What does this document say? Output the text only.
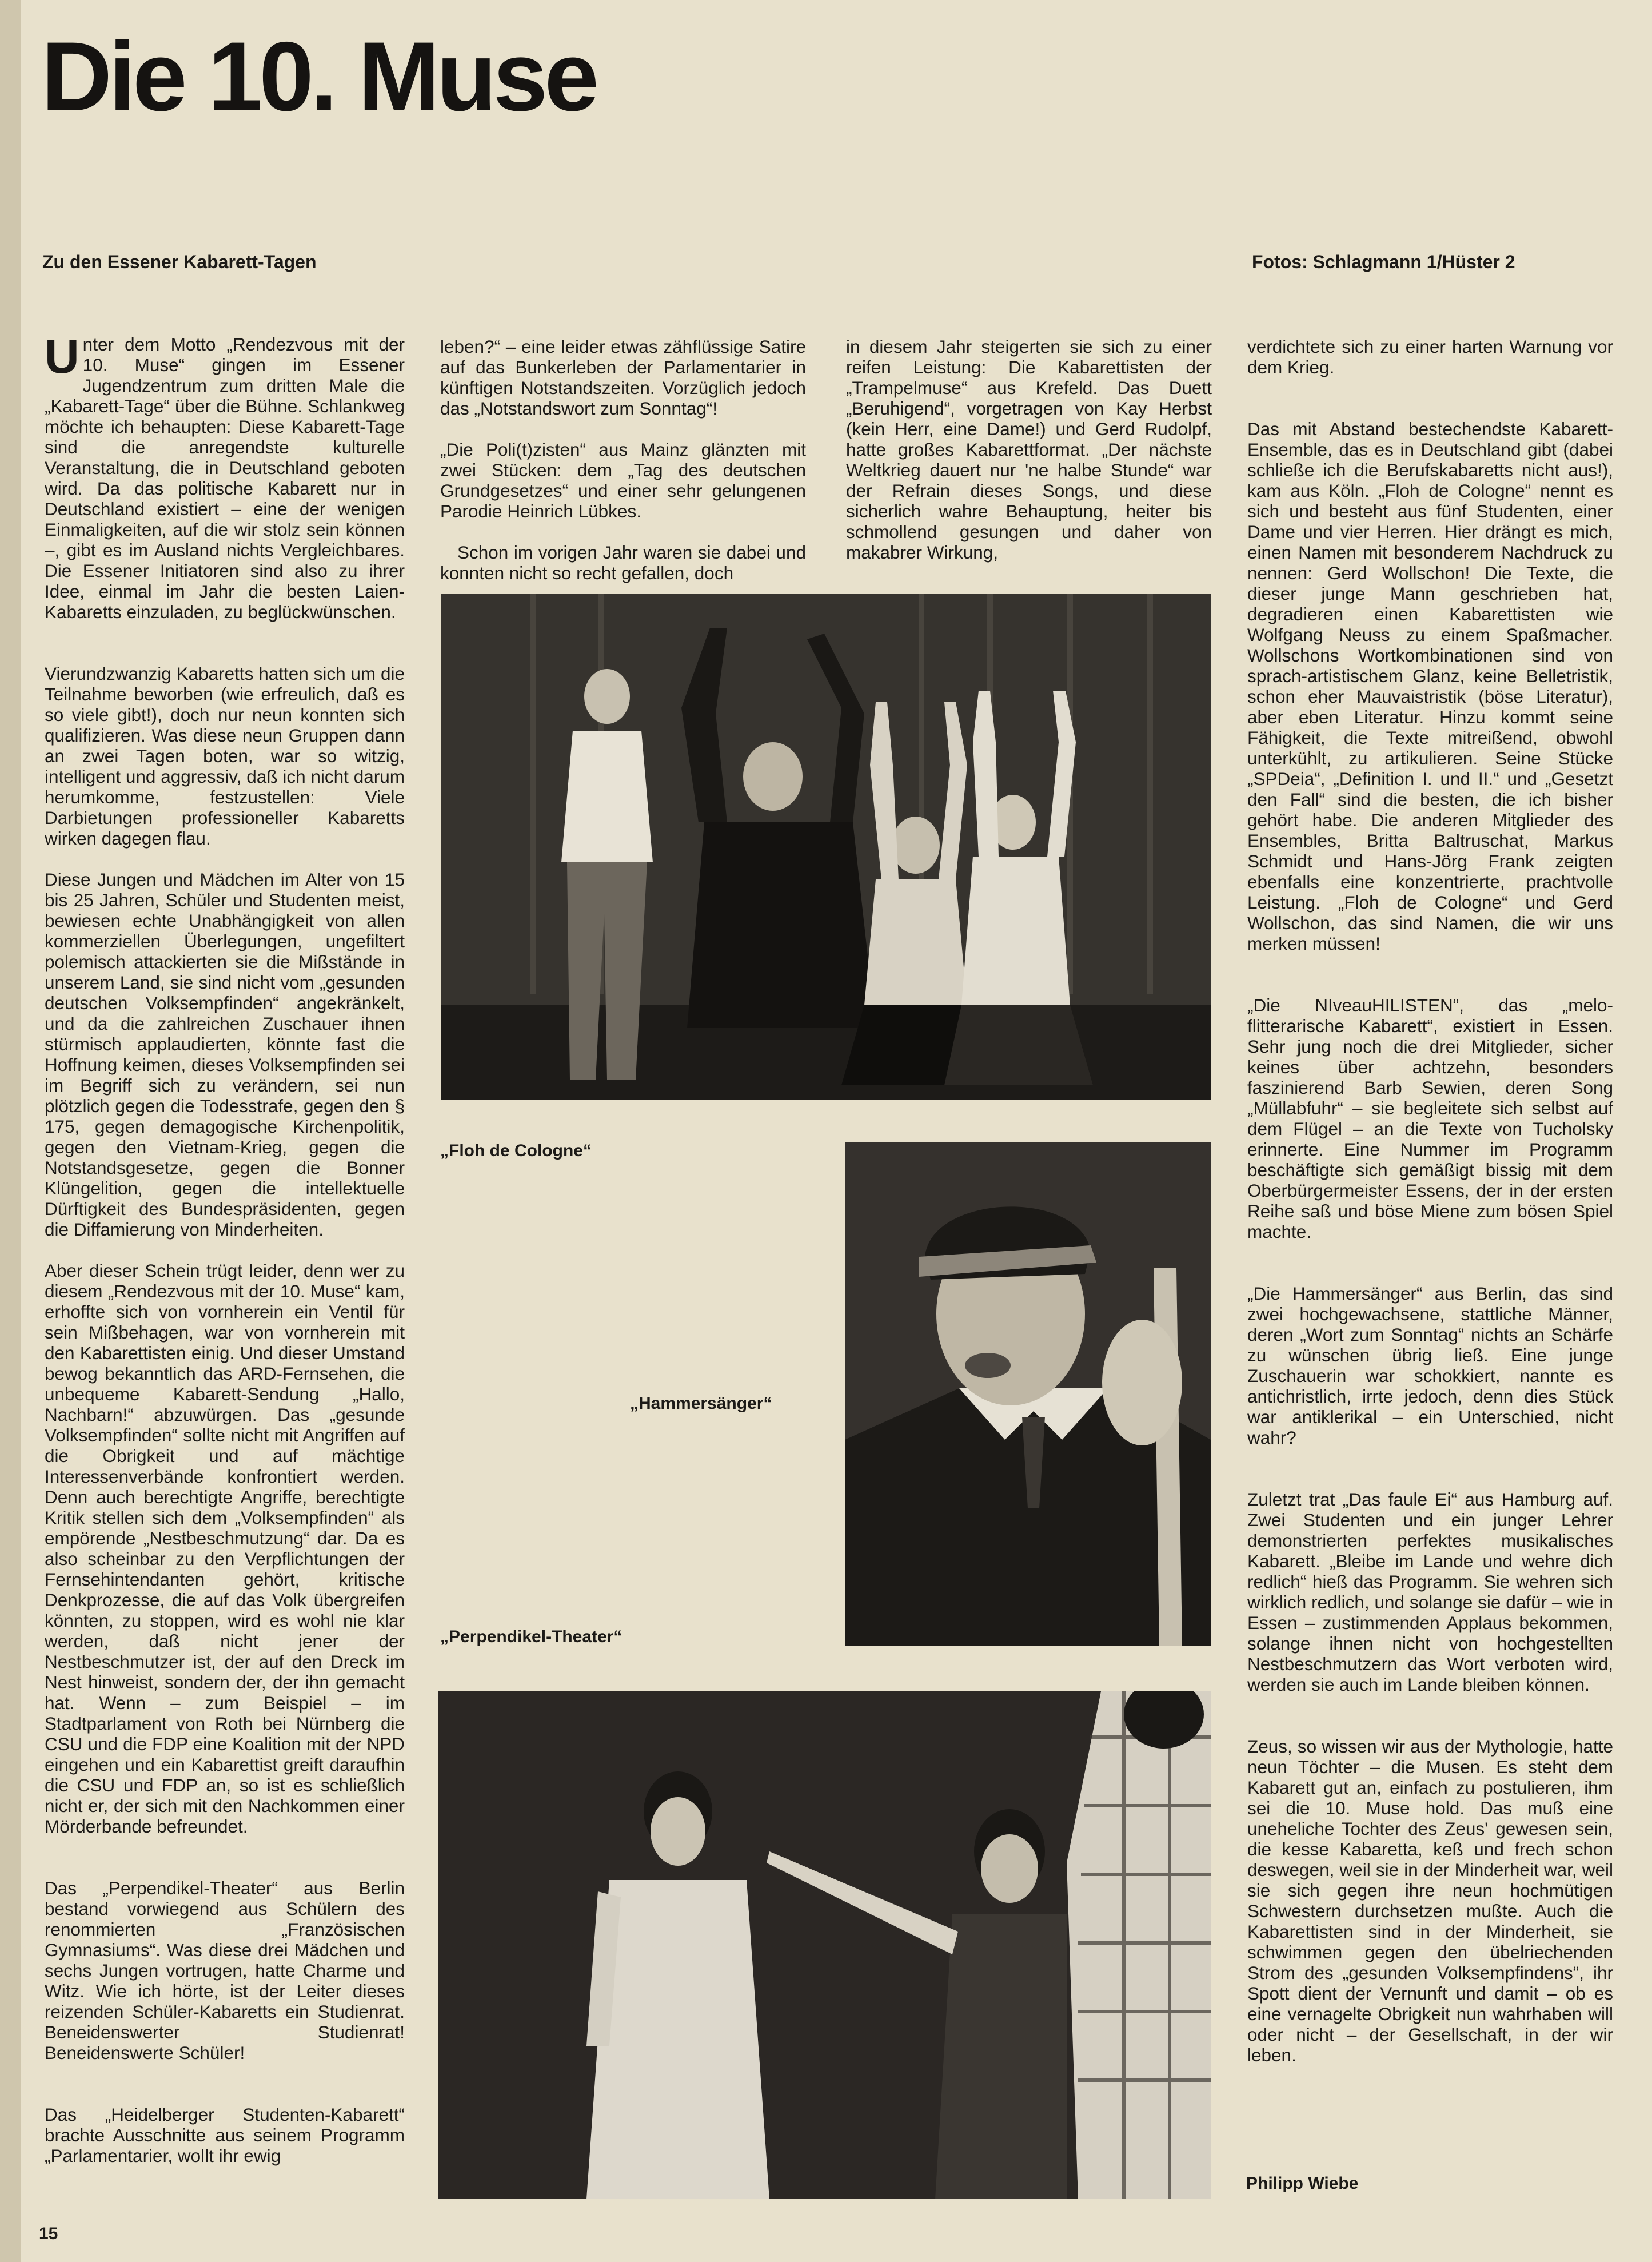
Die 10. Muse
Zu den Essener Kabarett-Tagen	Fotos: Schlagmann 1/Hüster 2

Unter dem Motto „Rendezvous mit der 10. Muse“ gingen im Essener Jugendzentrum zum dritten Male die „Kabarett-Tage“ über die Bühne. Schlankweg möchte ich behaupten: Diese Kabarett-Tage sind die anregendste kulturelle Veranstaltung, die in Deutschland geboten wird. Da das politische Kabarett nur in Deutschland existiert – eine der wenigen Einmaligkeiten, auf die wir stolz sein können –, gibt es im Ausland nichts Vergleichbares. Die Essener Initiatoren sind also zu ihrer Idee, einmal im Jahr die besten Laien-Kabaretts einzuladen, zu beglückwünschen.

Vierundzwanzig Kabaretts hatten sich um die Teilnahme beworben (wie erfreulich, daß es so viele gibt!), doch nur neun konnten sich qualifizieren. Was diese neun Gruppen dann an zwei Tagen boten, war so witzig, intelligent und aggressiv, daß ich nicht darum herumkomme, festzustellen: Viele Darbietungen professioneller Kabaretts wirken dagegen flau.

Diese Jungen und Mädchen im Alter von 15 bis 25 Jahren, Schüler und Studenten meist, bewiesen echte Unabhängigkeit von allen kommerziellen Überlegungen, ungefiltert polemisch attackierten sie die Mißstände in unserem Land, sie sind nicht vom „gesunden deutschen Volksempfinden“ angekränkelt, und da die zahlreichen Zuschauer ihnen stürmisch applaudierten, könnte fast die Hoffnung keimen, dieses Volksempfinden sei im Begriff sich zu verändern, sei nun plötzlich gegen die Todesstrafe, gegen den § 175, gegen demagogische Kirchenpolitik, gegen den Vietnam-Krieg, gegen die Notstandsgesetze, gegen die Bonner Klüngelition, gegen die intellektuelle Dürftigkeit des Bundespräsidenten, gegen die Diffamierung von Minderheiten.

Aber dieser Schein trügt leider, denn wer zu diesem „Rendezvous mit der 10. Muse“ kam, erhoffte sich von vornherein ein Ventil für sein Mißbehagen, war von vornherein mit den Kabarettisten einig. Und dieser Umstand bewog bekanntlich das ARD-Fernsehen, die unbequeme Kabarett-Sendung „Hallo, Nachbarn!“ abzuwürgen. Das „gesunde Volksempfinden“ sollte nicht mit Angriffen auf die Obrigkeit und auf mächtige Interessenverbände konfrontiert werden. Denn auch berechtigte Angriffe, berechtigte Kritik stellen sich dem „Volksempfinden“ als empörende „Nestbeschmutzung“ dar. Da es also scheinbar zu den Verpflichtungen der Fernsehintendanten gehört, kritische Denkprozesse, die auf das Volk übergreifen könnten, zu stoppen, wird es wohl nie klar werden, daß nicht jener der Nestbeschmutzer ist, der auf den Dreck im Nest hinweist, sondern der, der ihn gemacht hat. Wenn – zum Beispiel – im Stadtparlament von Roth bei Nürnberg die CSU und die FDP eine Koalition mit der NPD eingehen und ein Kabarettist greift daraufhin die CSU und FDP an, so ist es schließlich nicht er, der sich mit den Nachkommen einer Mörderbande befreundet.

Das „Perpendikel-Theater“ aus Berlin bestand vorwiegend aus Schülern des renommierten „Französischen Gymnasiums“. Was diese drei Mädchen und sechs Jungen vortrugen, hatte Charme und Witz. Wie ich hörte, ist der Leiter dieses reizenden Schüler-Kabaretts ein Studienrat. Beneidenswerter Studienrat! Beneidenswerte Schüler!

Das „Heidelberger Studenten-Kabarett“ brachte Ausschnitte aus seinem Programm „Parlamentarier, wollt ihr ewig

leben?“ – eine leider etwas zähflüssige Satire auf das Bunkerleben der Parlamentarier in künftigen Notstandszeiten. Vorzüglich jedoch das „Notstandswort zum Sonntag“!

„Die Poli(t)zisten“ aus Mainz glänzten mit zwei Stücken: dem „Tag des deutschen Grundgesetzes“ und einer sehr gelungenen Parodie Heinrich Lübkes.

Schon im vorigen Jahr waren sie dabei und konnten nicht so recht gefallen, doch

in diesem Jahr steigerten sie sich zu einer reifen Leistung: Die Kabarettisten der „Trampelmuse“ aus Krefeld. Das Duett „Beruhigend“, vorgetragen von Kay Herbst (kein Herr, eine Dame!) und Gerd Rudolpf, hatte großes Kabarettformat. „Der nächste Weltkrieg dauert nur 'ne halbe Stunde“ war der Refrain dieses Songs, und diese sicherlich wahre Behauptung, heiter bis schmollend gesungen und daher von makabrer Wirkung,

verdichtete sich zu einer harten Warnung vor dem Krieg.

Das mit Abstand bestechendste Kabarett-Ensemble, das es in Deutschland gibt (dabei schließe ich die Berufskabaretts nicht aus!), kam aus Köln. „Floh de Cologne“ nennt es sich und besteht aus fünf Studenten, einer Dame und vier Herren. Hier drängt es mich, einen Namen mit besonderem Nachdruck zu nennen: Gerd Wollschon! Die Texte, die dieser junge Mann geschrieben hat, degradieren einen Kabarettisten wie Wolfgang Neuss zu einem Spaßmacher. Wollschons Wortkombinationen sind von sprach-artistischem Glanz, keine Belletristik, schon eher Mauvaistristik (böse Literatur), aber eben Literatur. Hinzu kommt seine Fähigkeit, die Texte mitreißend, obwohl unterkühlt, zu artikulieren. Seine Stücke „SPDeia“, „Definition I. und II.“ und „Gesetzt den Fall“ sind die besten, die ich bisher gehört habe. Die anderen Mitglieder des Ensembles, Britta Baltruschat, Markus Schmidt und Hans-Jörg Frank zeigten ebenfalls eine konzentrierte, prachtvolle Leistung. „Floh de Cologne“ und Gerd Wollschon, das sind Namen, die wir uns merken müssen!

„Die NIveauHILISTEN“, das „melo-flitterarische Kabarett“, existiert in Essen. Sehr jung noch die drei Mitglieder, sicher keines über achtzehn, besonders faszinierend Barb Sewien, deren Song „Müllabfuhr“ – sie begleitete sich selbst auf dem Flügel – an die Texte von Tucholsky erinnerte. Eine Nummer im Programm beschäftigte sich gemäßigt bissig mit dem Oberbürgermeister Essens, der in der ersten Reihe saß und böse Miene zum bösen Spiel machte.

„Die Hammersänger“ aus Berlin, das sind zwei hochgewachsene, stattliche Männer, deren „Wort zum Sonntag“ nichts an Schärfe zu wünschen übrig ließ. Eine junge Zuschauerin war schokkiert, nannte es antichristlich, irrte jedoch, denn dies Stück war antiklerikal – ein Unterschied, nicht wahr?

Zuletzt trat „Das faule Ei“ aus Hamburg auf. Zwei Studenten und ein junger Lehrer demonstrierten perfektes musikalisches Kabarett. „Bleibe im Lande und wehre dich redlich“ hieß das Programm. Sie wehren sich wirklich redlich, und solange sie dafür – wie in Essen – zustimmenden Applaus bekommen, solange ihnen nicht von hochgestellten Nestbeschmutzern das Wort verboten wird, werden sie auch im Lande bleiben können.

Zeus, so wissen wir aus der Mythologie, hatte neun Töchter – die Musen. Es steht dem Kabarett gut an, einfach zu postulieren, ihm sei die 10. Muse hold. Das muß eine uneheliche Tochter des Zeus' gewesen sein, die kesse Kabaretta, keß und frech schon deswegen, weil sie in der Minderheit war, weil sie sich gegen ihre neun hochmütigen Schwestern durchsetzen mußte. Auch die Kabarettisten sind in der Minderheit, sie schwimmen gegen den übelriechenden Strom des „gesunden Volksempfindens“, ihr Spott dient der Vernunft und damit – ob es eine vernagelte Obrigkeit nun wahrhaben will oder nicht – der Gesellschaft, in der wir leben.

„Floh de Cologne“
„Hammersänger“
„Perpendikel-Theater“
Philipp Wiebe
15
